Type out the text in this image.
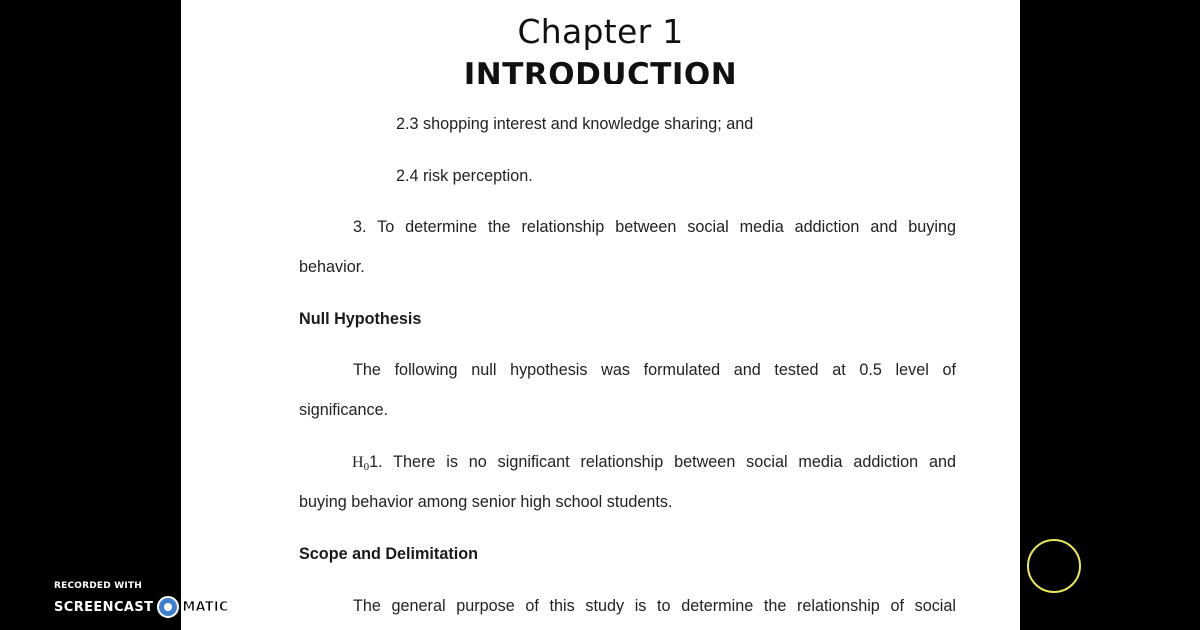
Chapter 1
INTRODUCTION
2.3 shopping interest and knowledge sharing; and
2.4 risk perception.
3. To determine the relationship between social media addiction and buying
behavior.
Null Hypothesis
The following null hypothesis was formulated and tested at 0.5 level of
significance.
$H_0$ 1. There is no significant relationship between social media addiction and
buying behavior among senior high school students.
Scope and Delimitation
The general purpose of this study is to determine the relationship of social
RECORDED WITH
SCREENCAST MATIC
